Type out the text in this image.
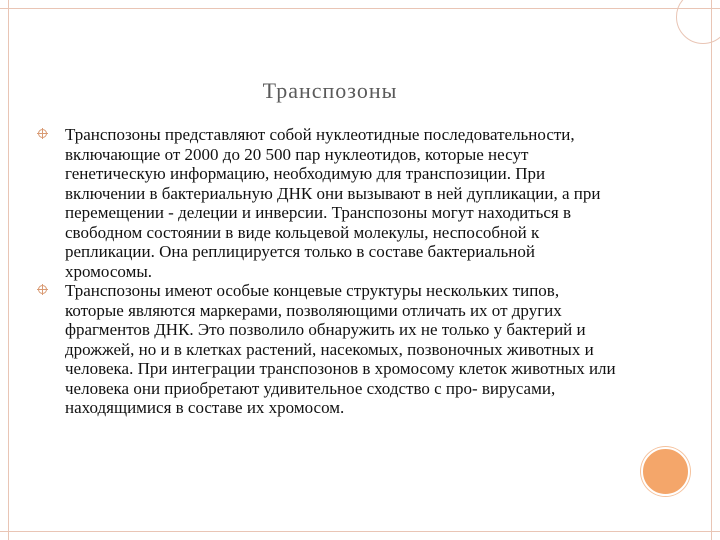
Транспозоны
Транспозоны представляют собой нуклеотидные последовательности, включающие от 2000 до 20 500 пар нуклеотидов, которые несут генетическую информацию, необходимую для транспозиции. При включении в бактериальную ДНК они вызывают в ней дупликации, а при перемещении - делеции и инверсии. Транспозоны могут находиться в свободном состоянии в виде кольцевой молекулы, неспособной к репликации. Она реплицируется только в составе бактериальной хромосомы.
Транспозоны имеют особые концевые структуры нескольких типов, которые являются маркерами, позволяющими отличать их от других фрагментов ДНК. Это позволило обнаружить их не только у бактерий и дрожжей, но и в клетках растений, насекомых, позвоночных животных и человека. При интеграции транспозонов в хромосому клеток животных или человека они приобретают удивительное сходство с про- вирусами, находящимися в составе их хромосом.
